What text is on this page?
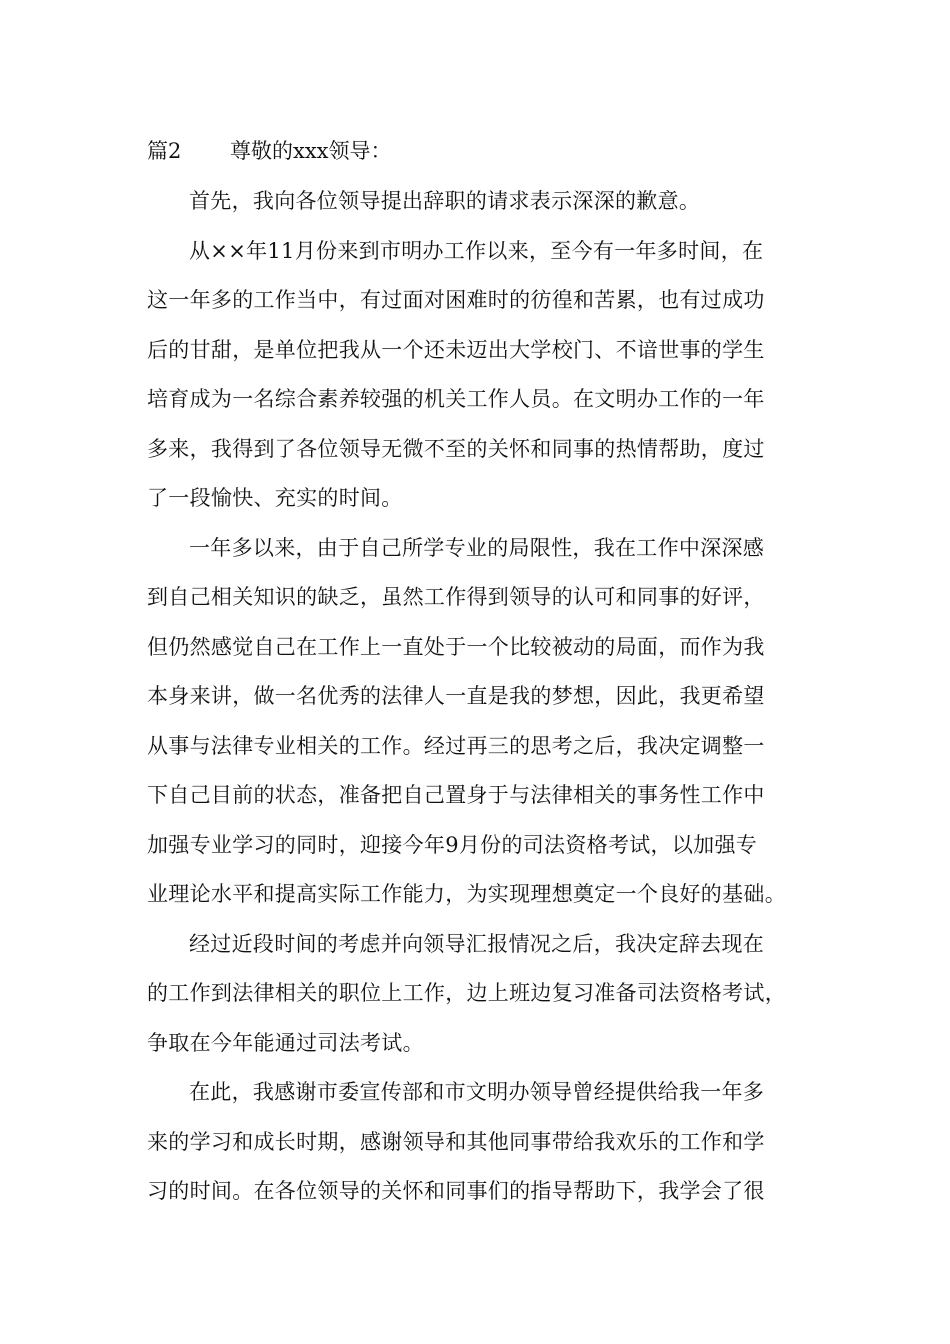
篇2 尊敬的xxx领导：
首先，我向各位领导提出辞职的请求表示深深的歉意。
从××年11月份来到市明办工作以来，至今有一年多时间，在
这一年多的工作当中，有过面对困难时的彷徨和苦累，也有过成功
后的甘甜，是单位把我从一个还未迈出大学校门、不谙世事的学生
培育成为一名综合素养较强的机关工作人员。在文明办工作的一年
多来，我得到了各位领导无微不至的关怀和同事的热情帮助，度过
了一段愉快、充实的时间。
一年多以来，由于自己所学专业的局限性，我在工作中深深感
到自己相关知识的缺乏，虽然工作得到领导的认可和同事的好评，
但仍然感觉自己在工作上一直处于一个比较被动的局面，而作为我
本身来讲，做一名优秀的法律人一直是我的梦想，因此，我更希望
从事与法律专业相关的工作。经过再三的思考之后，我决定调整一
下自己目前的状态，准备把自己置身于与法律相关的事务性工作中
加强专业学习的同时，迎接今年9月份的司法资格考试，以加强专
业理论水平和提高实际工作能力，为实现理想奠定一个良好的基础。
经过近段时间的考虑并向领导汇报情况之后，我决定辞去现在
的工作到法律相关的职位上工作，边上班边复习准备司法资格考试，
争取在今年能通过司法考试。
在此，我感谢市委宣传部和市文明办领导曾经提供给我一年多
来的学习和成长时期，感谢领导和其他同事带给我欢乐的工作和学
习的时间。在各位领导的关怀和同事们的指导帮助下，我学会了很
